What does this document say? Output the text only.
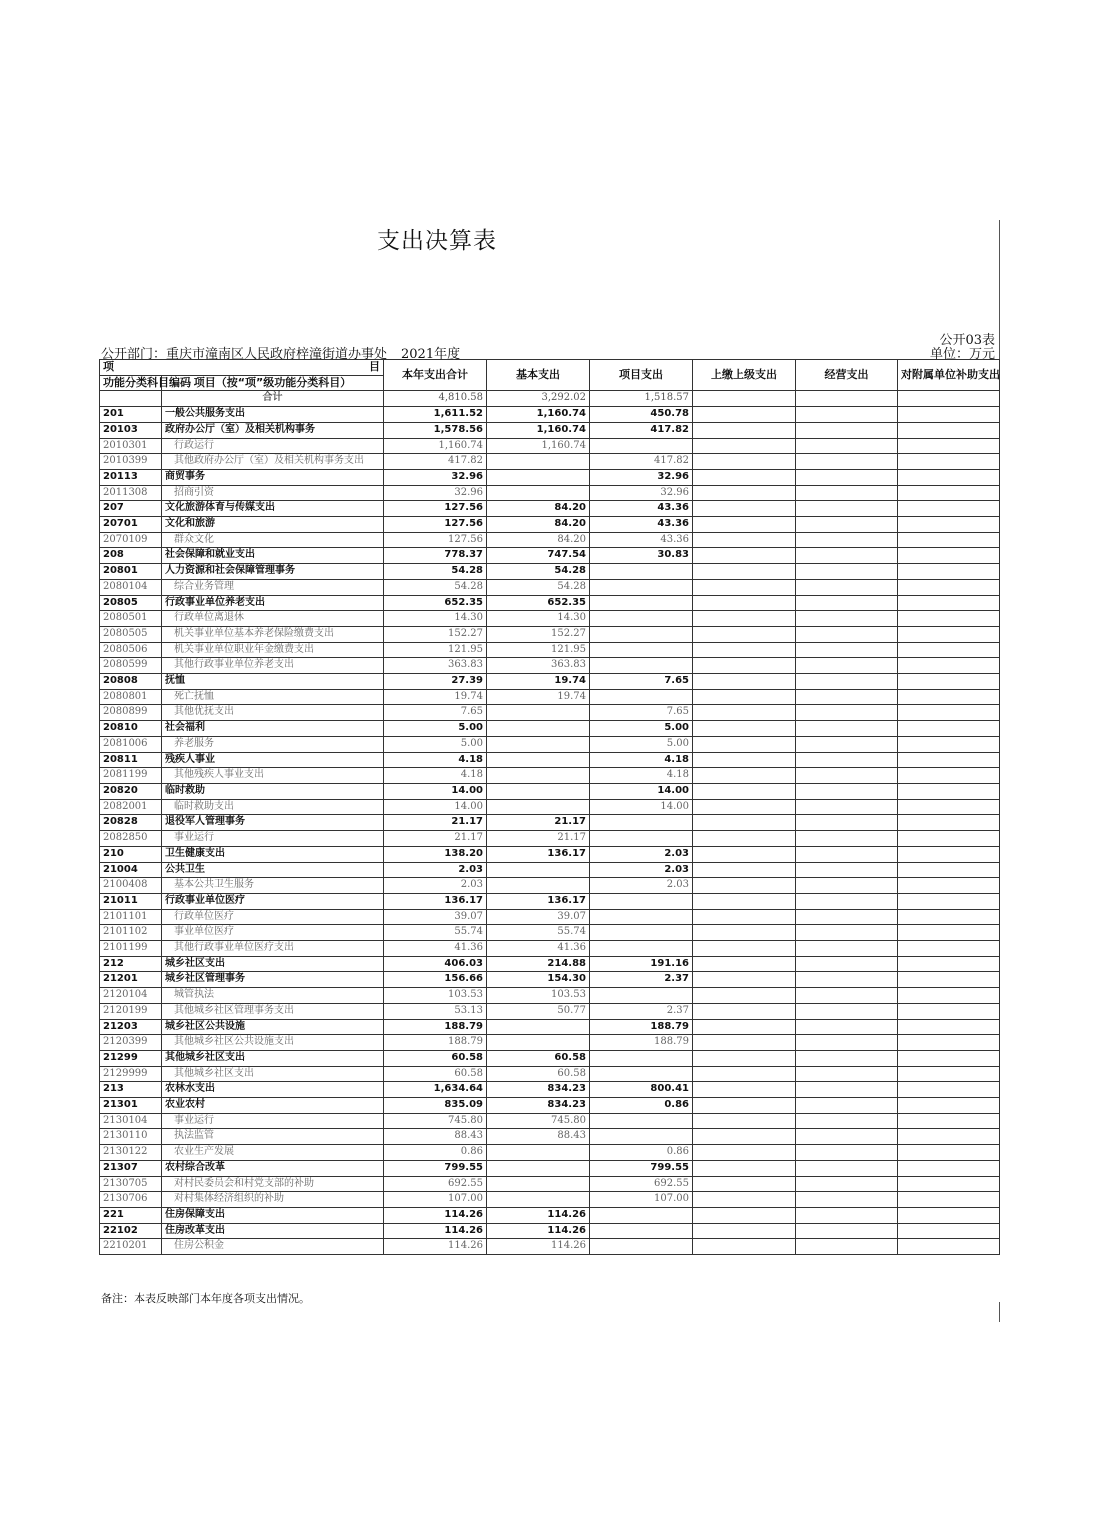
支出决算表
公开03表
公开部门：重庆市潼南区人民政府梓潼街道办事处 2021年度	单位：万元
项	目	本年支出合计	基本支出	项目支出	上缴上级支出	经营支出	对附属单位补助支出
功能分类科目编码	项目（按“项”级功能分类科目）						
	合计	4,810.58	3,292.02	1,518.57			
201	一般公共服务支出	1,611.52	1,160.74	450.78			
20103	政府办公厅（室）及相关机构事务	1,578.56	1,160.74	417.82			
2010301	行政运行	1,160.74	1,160.74				
2010399	其他政府办公厅（室）及相关机构事务支出	417.82		417.82			
20113	商贸事务	32.96		32.96			
2011308	招商引资	32.96		32.96			
207	文化旅游体育与传媒支出	127.56	84.20	43.36			
20701	文化和旅游	127.56	84.20	43.36			
2070109	群众文化	127.56	84.20	43.36			
208	社会保障和就业支出	778.37	747.54	30.83			
20801	人力资源和社会保障管理事务	54.28	54.28				
2080104	综合业务管理	54.28	54.28				
20805	行政事业单位养老支出	652.35	652.35				
2080501	行政单位离退休	14.30	14.30				
2080505	机关事业单位基本养老保险缴费支出	152.27	152.27				
2080506	机关事业单位职业年金缴费支出	121.95	121.95				
2080599	其他行政事业单位养老支出	363.83	363.83				
20808	抚恤	27.39	19.74	7.65			
2080801	死亡抚恤	19.74	19.74				
2080899	其他优抚支出	7.65		7.65			
20810	社会福利	5.00		5.00			
2081006	养老服务	5.00		5.00			
20811	残疾人事业	4.18		4.18			
2081199	其他残疾人事业支出	4.18		4.18			
20820	临时救助	14.00		14.00			
2082001	临时救助支出	14.00		14.00			
20828	退役军人管理事务	21.17	21.17				
2082850	事业运行	21.17	21.17				
210	卫生健康支出	138.20	136.17	2.03			
21004	公共卫生	2.03		2.03			
2100408	基本公共卫生服务	2.03		2.03			
21011	行政事业单位医疗	136.17	136.17				
2101101	行政单位医疗	39.07	39.07				
2101102	事业单位医疗	55.74	55.74				
2101199	其他行政事业单位医疗支出	41.36	41.36				
212	城乡社区支出	406.03	214.88	191.16			
21201	城乡社区管理事务	156.66	154.30	2.37			
2120104	城管执法	103.53	103.53				
2120199	其他城乡社区管理事务支出	53.13	50.77	2.37			
21203	城乡社区公共设施	188.79		188.79			
2120399	其他城乡社区公共设施支出	188.79		188.79			
21299	其他城乡社区支出	60.58	60.58				
2129999	其他城乡社区支出	60.58	60.58				
213	农林水支出	1,634.64	834.23	800.41			
21301	农业农村	835.09	834.23	0.86			
2130104	事业运行	745.80	745.80				
2130110	执法监管	88.43	88.43				
2130122	农业生产发展	0.86		0.86			
21307	农村综合改革	799.55		799.55			
2130705	对村民委员会和村党支部的补助	692.55		692.55			
2130706	对村集体经济组织的补助	107.00		107.00			
221	住房保障支出	114.26	114.26				
22102	住房改革支出	114.26	114.26				
2210201	住房公积金	114.26	114.26				
备注：本表反映部门本年度各项支出情况。
